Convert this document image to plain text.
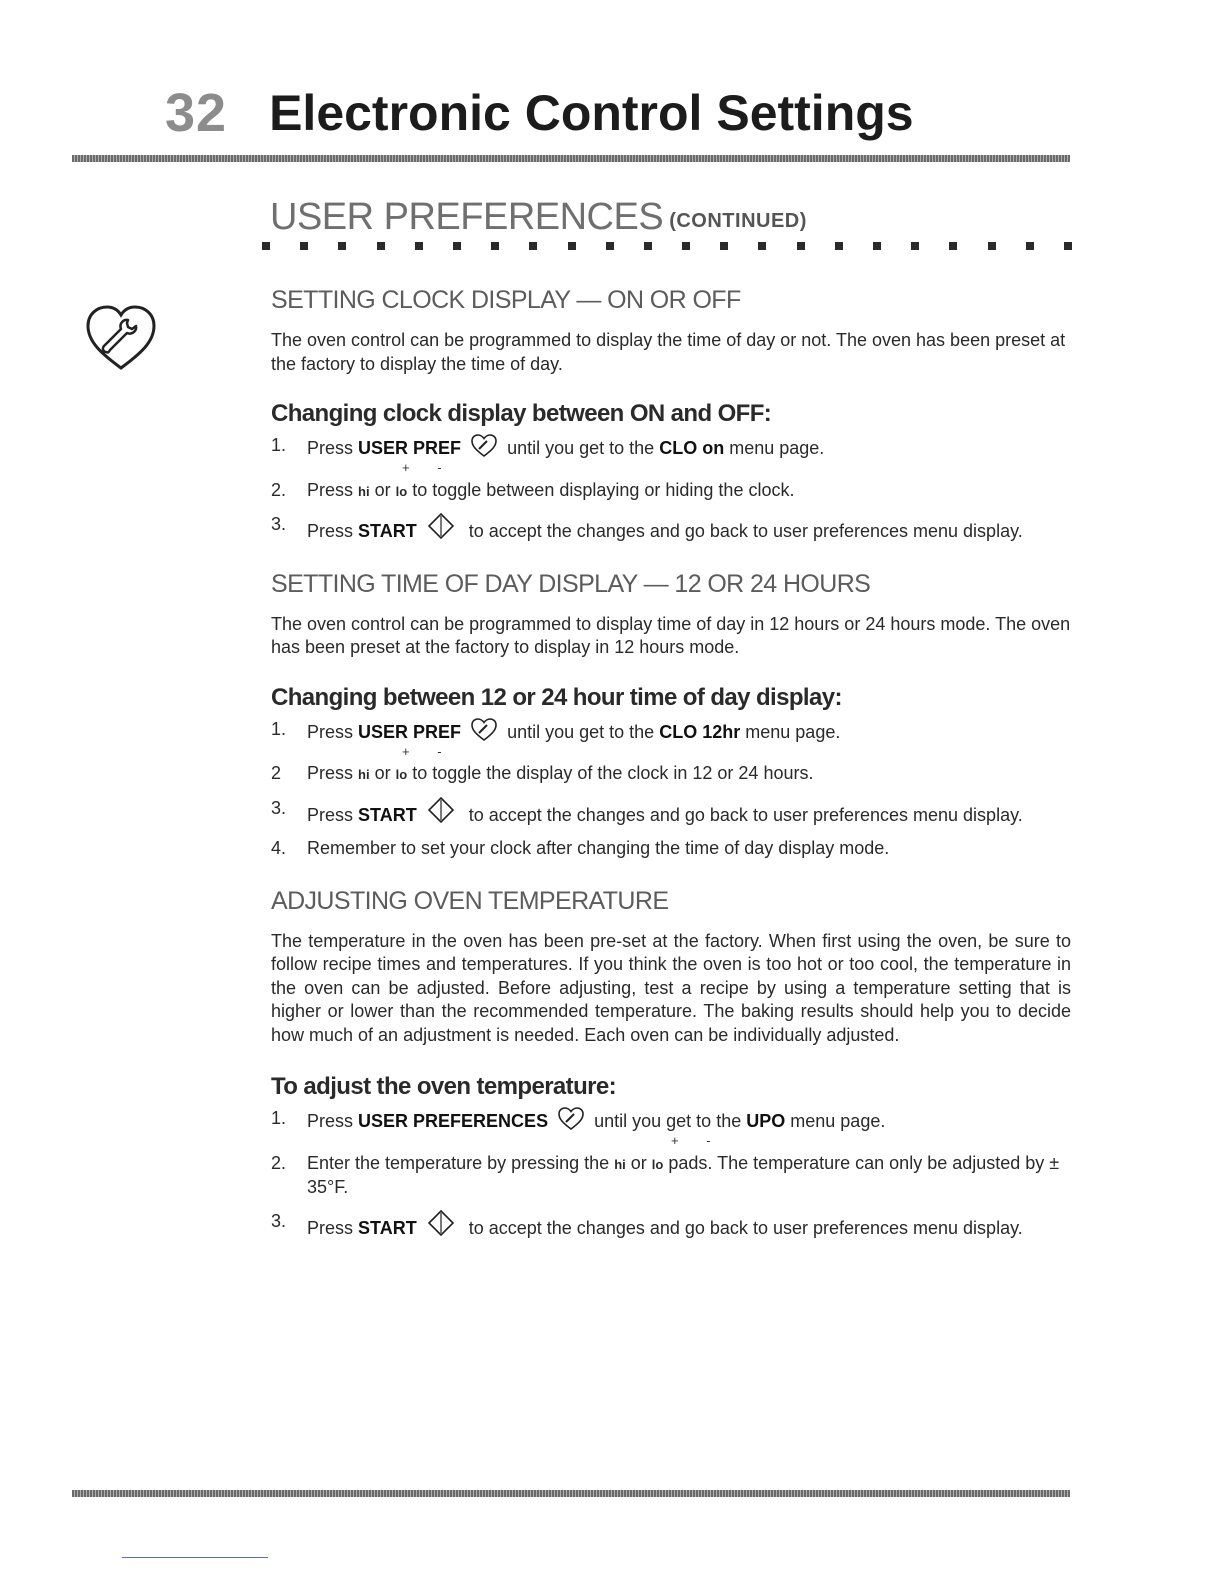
32 Electronic Control Settings
USER PREFERENCES (CONTINUED)
SETTING CLOCK DISPLAY — ON OR OFF

The oven control can be programmed to display the time of day or not. The oven has been preset at the factory to display the time of day.

Changing clock display between ON and OFF:
1. Press USER PREF	until you get to the CLO on menu page.
+ -
2. Press hi or lo to toggle between displaying or hiding the clock.
3. Press START	to accept the changes and go back to user preferences menu display.
SETTING TIME OF DAY DISPLAY — 12 OR 24 HOURS

The oven control can be programmed to display time of day in 12 hours or 24 hours mode. The oven has been preset at the factory to display in 12 hours mode.

Changing between 12 or 24 hour time of day display:
1. Press USER PREF	until you get to the CLO 12hr menu page.
+ -
2 Press hi or lo to toggle the display of the clock in 12 or 24 hours.
3. Press START	to accept the changes and go back to user preferences menu display.
4. Remember to set your clock after changing the time of day display mode.
ADJUSTING OVEN TEMPERATURE

The temperature in the oven has been pre-set at the factory. When first using the oven, be sure to follow recipe times and temperatures. If you think the oven is too hot or too cool, the temperature in the oven can be adjusted. Before adjusting, test a recipe by using a temperature setting that is higher or lower than the recommended temperature. The baking results should help you to decide how much of an adjustment is needed. Each oven can be individually adjusted.

To adjust the oven temperature:
1. Press USER PREFERENCES	until you get to the UPO menu page.
+ -
2. Enter the temperature by pressing the hi or lo pads. The temperature can only be adjusted by ± 35°F.
3. Press START	to accept the changes and go back to user preferences menu display.
